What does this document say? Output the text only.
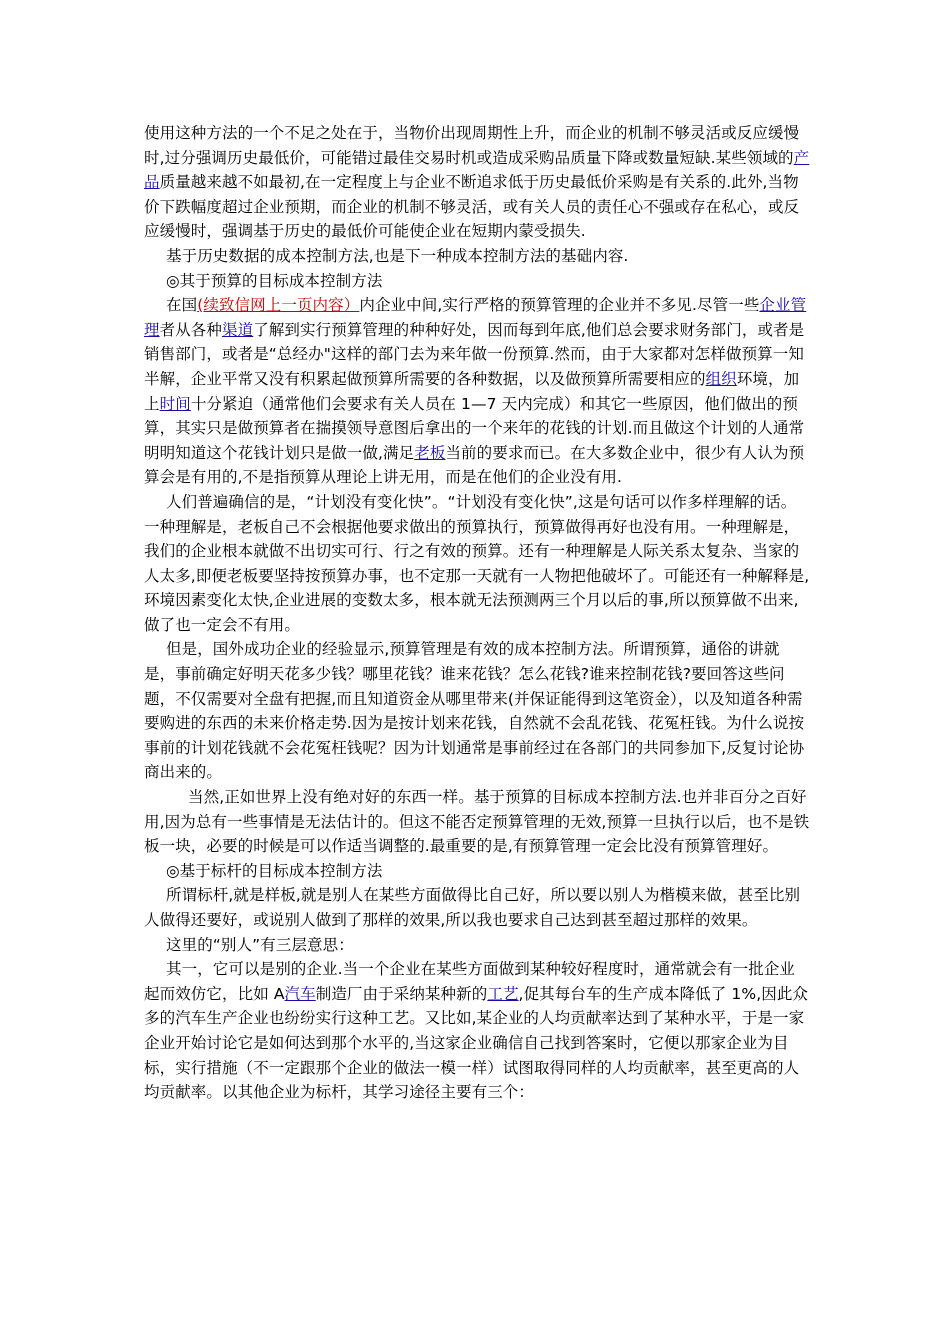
使用这种方法的一个不足之处在于，当物价出现周期性上升，而企业的机制不够灵活或反应缓慢时,过分强调历史最低价，可能错过最佳交易时机或造成采购品质量下降或数量短缺.某些领域的产品质量越来越不如最初,在一定程度上与企业不断追求低于历史最低价采购是有关系的.此外,当物价下跌幅度超过企业预期，而企业的机制不够灵活，或有关人员的责任心不强或存在私心，或反应缓慢时，强调基于历史的最低价可能使企业在短期内蒙受损失.

基于历史数据的成本控制方法,也是下一种成本控制方法的基础内容.

◎其于预算的目标成本控制方法

在国(续致信网上一页内容）内企业中间,实行严格的预算管理的企业并不多见.尽管一些企业管理者从各种渠道了解到实行预算管理的种种好处，因而每到年底,他们总会要求财务部门，或者是销售部门，或者是“总经办"这样的部门去为来年做一份预算.然而，由于大家都对怎样做预算一知半解，企业平常又没有积累起做预算所需要的各种数据，以及做预算所需要相应的组织环境，加上时间十分紧迫（通常他们会要求有关人员在 1—7 天内完成）和其它一些原因，他们做出的预算，其实只是做预算者在揣摸领导意图后拿出的一个来年的花钱的计划.而且做这个计划的人通常明明知道这个花钱计划只是做一做,满足老板当前的要求而已。在大多数企业中，很少有人认为预算会是有用的,不是指预算从理论上讲无用，而是在他们的企业没有用.

人们普遍确信的是，“计划没有变化快”。“计划没有变化快”,这是句话可以作多样理解的话。一种理解是，老板自己不会根据他要求做出的预算执行，预算做得再好也没有用。一种理解是，我们的企业根本就做不出切实可行、行之有效的预算。还有一种理解是人际关系太复杂、当家的人太多,即便老板要坚持按预算办事，也不定那一天就有一人物把他破坏了。可能还有一种解释是,环境因素变化太快,企业进展的变数太多，根本就无法预测两三个月以后的事,所以预算做不出来,做了也一定会不有用。

但是，国外成功企业的经验显示,预算管理是有效的成本控制方法。所谓预算，通俗的讲就是，事前确定好明天花多少钱？哪里花钱？谁来花钱？怎么花钱?谁来控制花钱?要回答这些问题，不仅需要对全盘有把握,而且知道资金从哪里带来(并保证能得到这笔资金），以及知道各种需要购进的东西的未来价格走势.因为是按计划来花钱，自然就不会乱花钱、花冤枉钱。为什么说按事前的计划花钱就不会花冤枉钱呢？因为计划通常是事前经过在各部门的共同参加下,反复讨论协商出来的。

当然,正如世界上没有绝对好的东西一样。基于预算的目标成本控制方法.也并非百分之百好用,因为总有一些事情是无法估计的。但这不能否定预算管理的无效,预算一旦执行以后，也不是铁板一块，必要的时候是可以作适当调整的.最重要的是,有预算管理一定会比没有预算管理好。

◎基于标杆的目标成本控制方法

所谓标杆,就是样板,就是别人在某些方面做得比自己好，所以要以别人为楷模来做，甚至比别人做得还要好，或说别人做到了那样的效果,所以我也要求自己达到甚至超过那样的效果。

这里的“别人”有三层意思：

其一，它可以是别的企业.当一个企业在某些方面做到某种较好程度时，通常就会有一批企业起而效仿它，比如 A汽车制造厂由于采纳某种新的工艺,促其每台车的生产成本降低了 1%,因此众多的汽车生产企业也纷纷实行这种工艺。又比如,某企业的人均贡献率达到了某种水平，于是一家企业开始讨论它是如何达到那个水平的,当这家企业确信自己找到答案时，它便以那家企业为目标，实行措施（不一定跟那个企业的做法一模一样）试图取得同样的人均贡献率，甚至更高的人均贡献率。以其他企业为标杆，其学习途径主要有三个：
